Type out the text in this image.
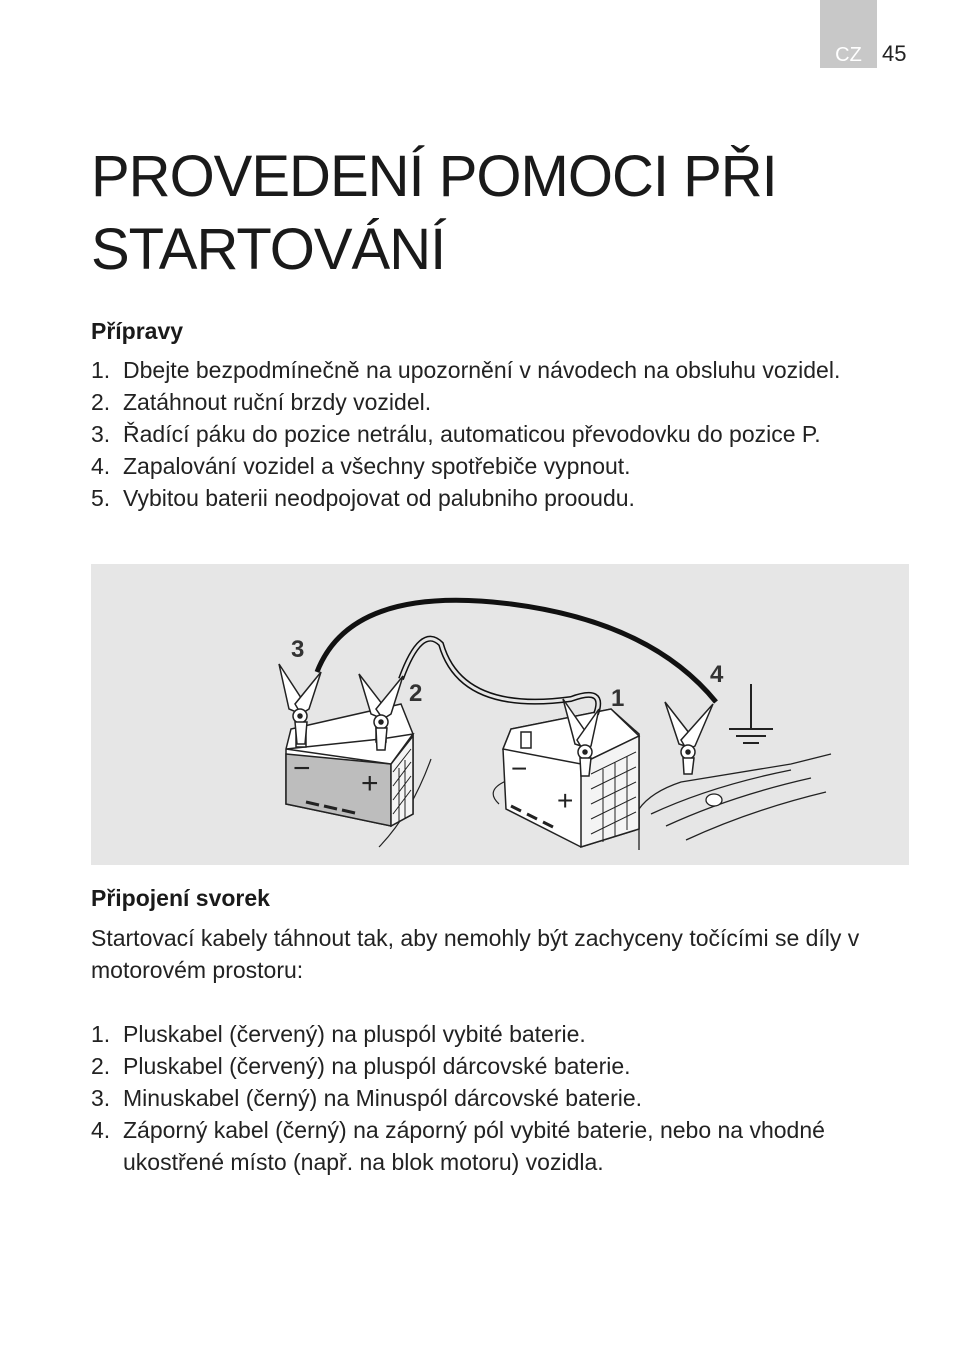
CZ 45
PROVEDENÍ POMOCI PŘI
STARTOVÁNÍ
Přípravy
1. Dbejte bezpodmínečně na upozornění v návodech na obsluhu vozidel.
2. Zatáhnout ruční brzdy vozidel.
3. Řadící páku do pozice netrálu, automaticou převodovku do pozice P.
4. Zapalování vozidel a všechny spotřebiče vypnout.
5. Vybitou baterii neodpojovat od palubniho prooudu.
− +	−
+
3
2	1
4
Připojení svorek

Startovací kabely táhnout tak, aby nemohly být zachyceny točícími se díly v motorovém prostoru:

1. Pluskabel (červený) na pluspól vybité baterie.
2. Pluskabel (červený) na pluspól dárcovské baterie.
3. Minuskabel (černý) na Minuspól dárcovské baterie.
4. Záporný kabel (černý) na záporný pól vybité baterie, nebo na vhodné ukostřené místo (např. na blok motoru) vozidla.
